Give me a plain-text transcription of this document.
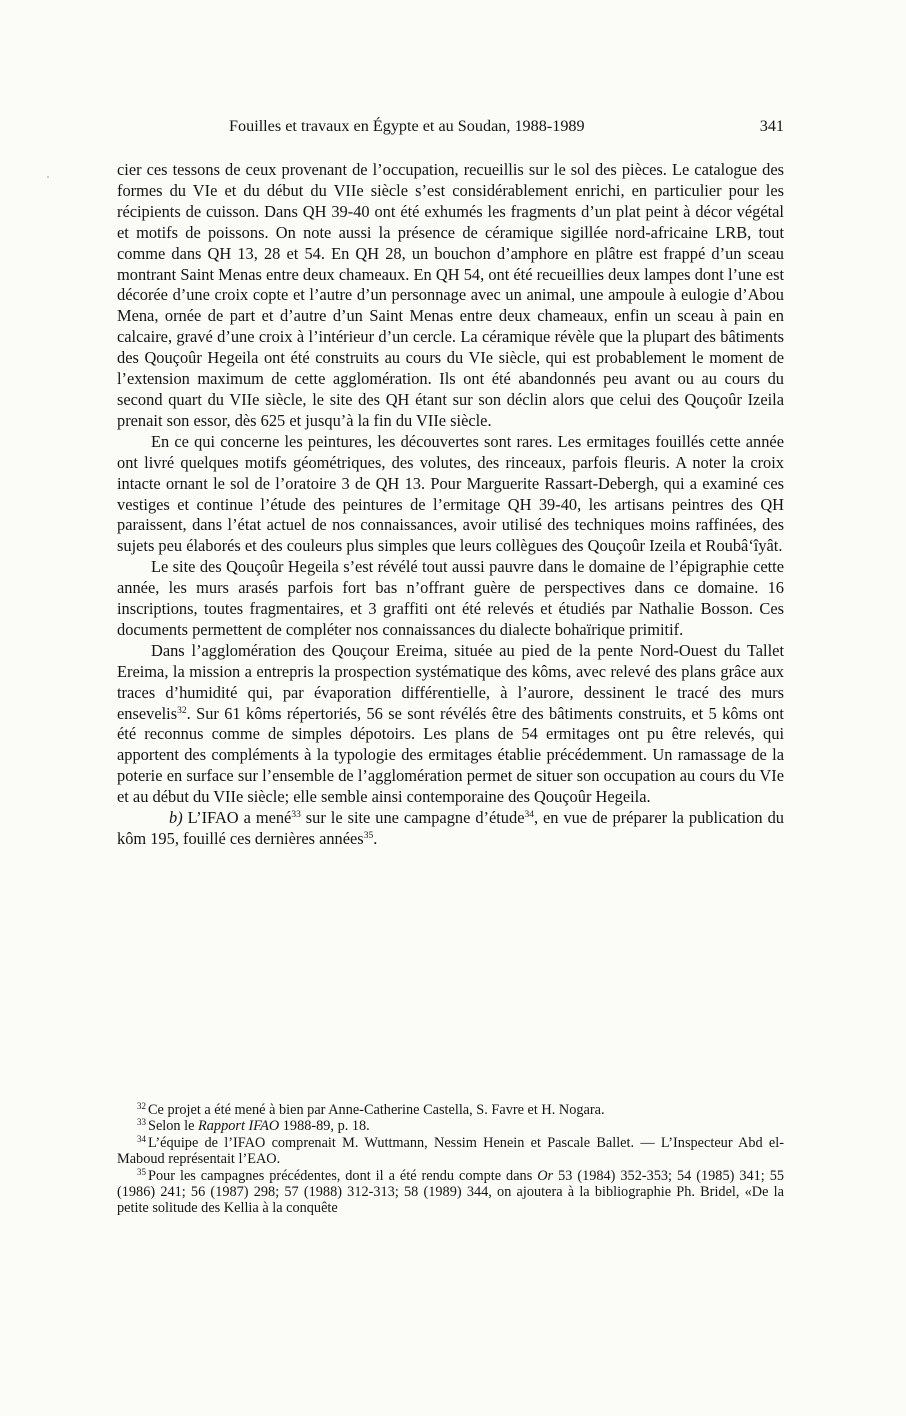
Fouilles et travaux en Égypte et au Soudan, 1988-1989	341

cier ces tessons de ceux provenant de l’occupation, recueillis sur le sol des pièces. Le catalogue des formes du VIe et du début du VIIe siècle s’est considérablement enrichi, en particulier pour les récipients de cuisson. Dans QH 39-40 ont été exhumés les fragments d’un plat peint à décor végétal et motifs de poissons. On note aussi la présence de céramique sigillée nord-africaine LRB, tout comme dans QH 13, 28 et 54. En QH 28, un bouchon d’amphore en plâtre est frappé d’un sceau montrant Saint Menas entre deux chameaux. En QH 54, ont été recueillies deux lampes dont l’une est décorée d’une croix copte et l’autre d’un personnage avec un animal, une ampoule à eulogie d’Abou Mena, ornée de part et d’autre d’un Saint Menas entre deux chameaux, enfin un sceau à pain en calcaire, gravé d’une croix à l’intérieur d’un cercle. La céramique révèle que la plupart des bâtiments des Qouçoûr Hegeila ont été construits au cours du VIe siècle, qui est probablement le moment de l’extension maximum de cette agglomération. Ils ont été abandonnés peu avant ou au cours du second quart du VIIe siècle, le site des QH étant sur son déclin alors que celui des Qouçoûr Izeila prenait son essor, dès 625 et jusqu’à la fin du VIIe siècle.

En ce qui concerne les peintures, les découvertes sont rares. Les ermitages fouillés cette année ont livré quelques motifs géométriques, des volutes, des rinceaux, parfois fleuris. A noter la croix intacte ornant le sol de l’oratoire 3 de QH 13. Pour Marguerite Rassart-Debergh, qui a examiné ces vestiges et continue l’étude des peintures de l’ermitage QH 39-40, les artisans peintres des QH paraissent, dans l’état actuel de nos connaissances, avoir utilisé des techniques moins raffinées, des sujets peu élaborés et des couleurs plus simples que leurs collègues des Qouçoûr Izeila et Roubâ‘îyât.

Le site des Qouçoûr Hegeila s’est révélé tout aussi pauvre dans le domaine de l’épigraphie cette année, les murs arasés parfois fort bas n’offrant guère de perspectives dans ce domaine. 16 inscriptions, toutes fragmentaires, et 3 graffiti ont été relevés et étudiés par Nathalie Bosson. Ces documents permettent de compléter nos connaissances du dialecte bohaïrique primitif.

Dans l’agglomération des Qouçour Ereima, située au pied de la pente Nord-Ouest du Tallet Ereima, la mission a entrepris la prospection systématique des kôms, avec relevé des plans grâce aux traces d’humidité qui, par évaporation différentielle, à l’aurore, dessinent le tracé des murs ensevelis$^{32}$. Sur 61 kôms répertoriés, 56 se sont révélés être des bâtiments construits, et 5 kôms ont été reconnus comme de simples dépotoirs. Les plans de 54 ermitages ont pu être relevés, qui apportent des compléments à la typologie des ermitages établie précédemment. Un ramassage de la poterie en surface sur l’ensemble de l’agglomération permet de situer son occupation au cours du VIe et au début du VIIe siècle; elle semble ainsi contemporaine des Qouçoûr Hegeila.

b) L’IFAO a mené$^{33}$ sur le site une campagne d’étude$^{34}$, en vue de préparer la publication du kôm 195, fouillé ces dernières années$^{35}$.

$^{32}$ Ce projet a été mené à bien par Anne-Catherine Castella, S. Favre et H. Nogara.

$^{33}$ Selon le Rapport IFAO 1988-89, p. 18.

$^{34}$ L’équipe de l’IFAO comprenait M. Wuttmann, Nessim Henein et Pascale Ballet. — L’Inspecteur Abd el-Maboud représentait l’EAO.

$^{35}$ Pour les campagnes précédentes, dont il a été rendu compte dans Or 53 (1984) 352-353; 54 (1985) 341; 55 (1986) 241; 56 (1987) 298; 57 (1988) 312-313; 58 (1989) 344, on ajoutera à la bibliographie Ph. Bridel, «De la petite solitude des Kellia à la conquête
